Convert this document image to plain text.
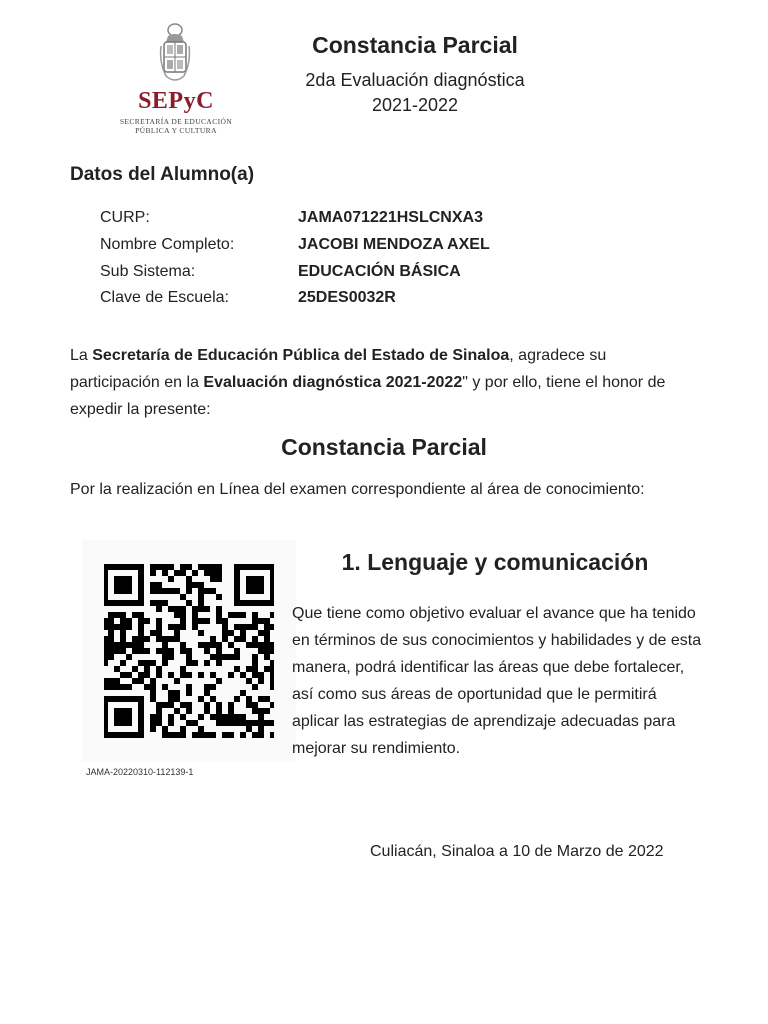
SEPyC
SECRETARÍA DE EDUCACIÓN
PÚBLICA Y CULTURA
Constancia Parcial
2da Evaluación diagnóstica
2021-2022
Datos del Alumno(a)
CURP:	JAMA071221HSLCNXA3
Nombre Completo:	JACOBI MENDOZA AXEL
Sub Sistema:	EDUCACIÓN BÁSICA
Clave de Escuela:	25DES0032R
La Secretaría de Educación Pública del Estado de Sinaloa, agradece su participación en la Evaluación diagnóstica 2021-2022" y por ello, tiene el honor de expedir la presente:
Constancia Parcial
Por la realización en Línea del examen correspondiente al área de conocimiento:
JAMA-20220310-112139-1
1. Lenguaje y comunicación
Que tiene como objetivo evaluar el avance que ha tenido en términos de sus conocimientos y habilidades y de esta manera, podrá identificar las áreas que debe fortalecer, así como sus áreas de oportunidad que le permitirá aplicar las estrategias de aprendizaje adecuadas para mejorar su rendimiento.
Culiacán, Sinaloa a 10 de Marzo de 2022
